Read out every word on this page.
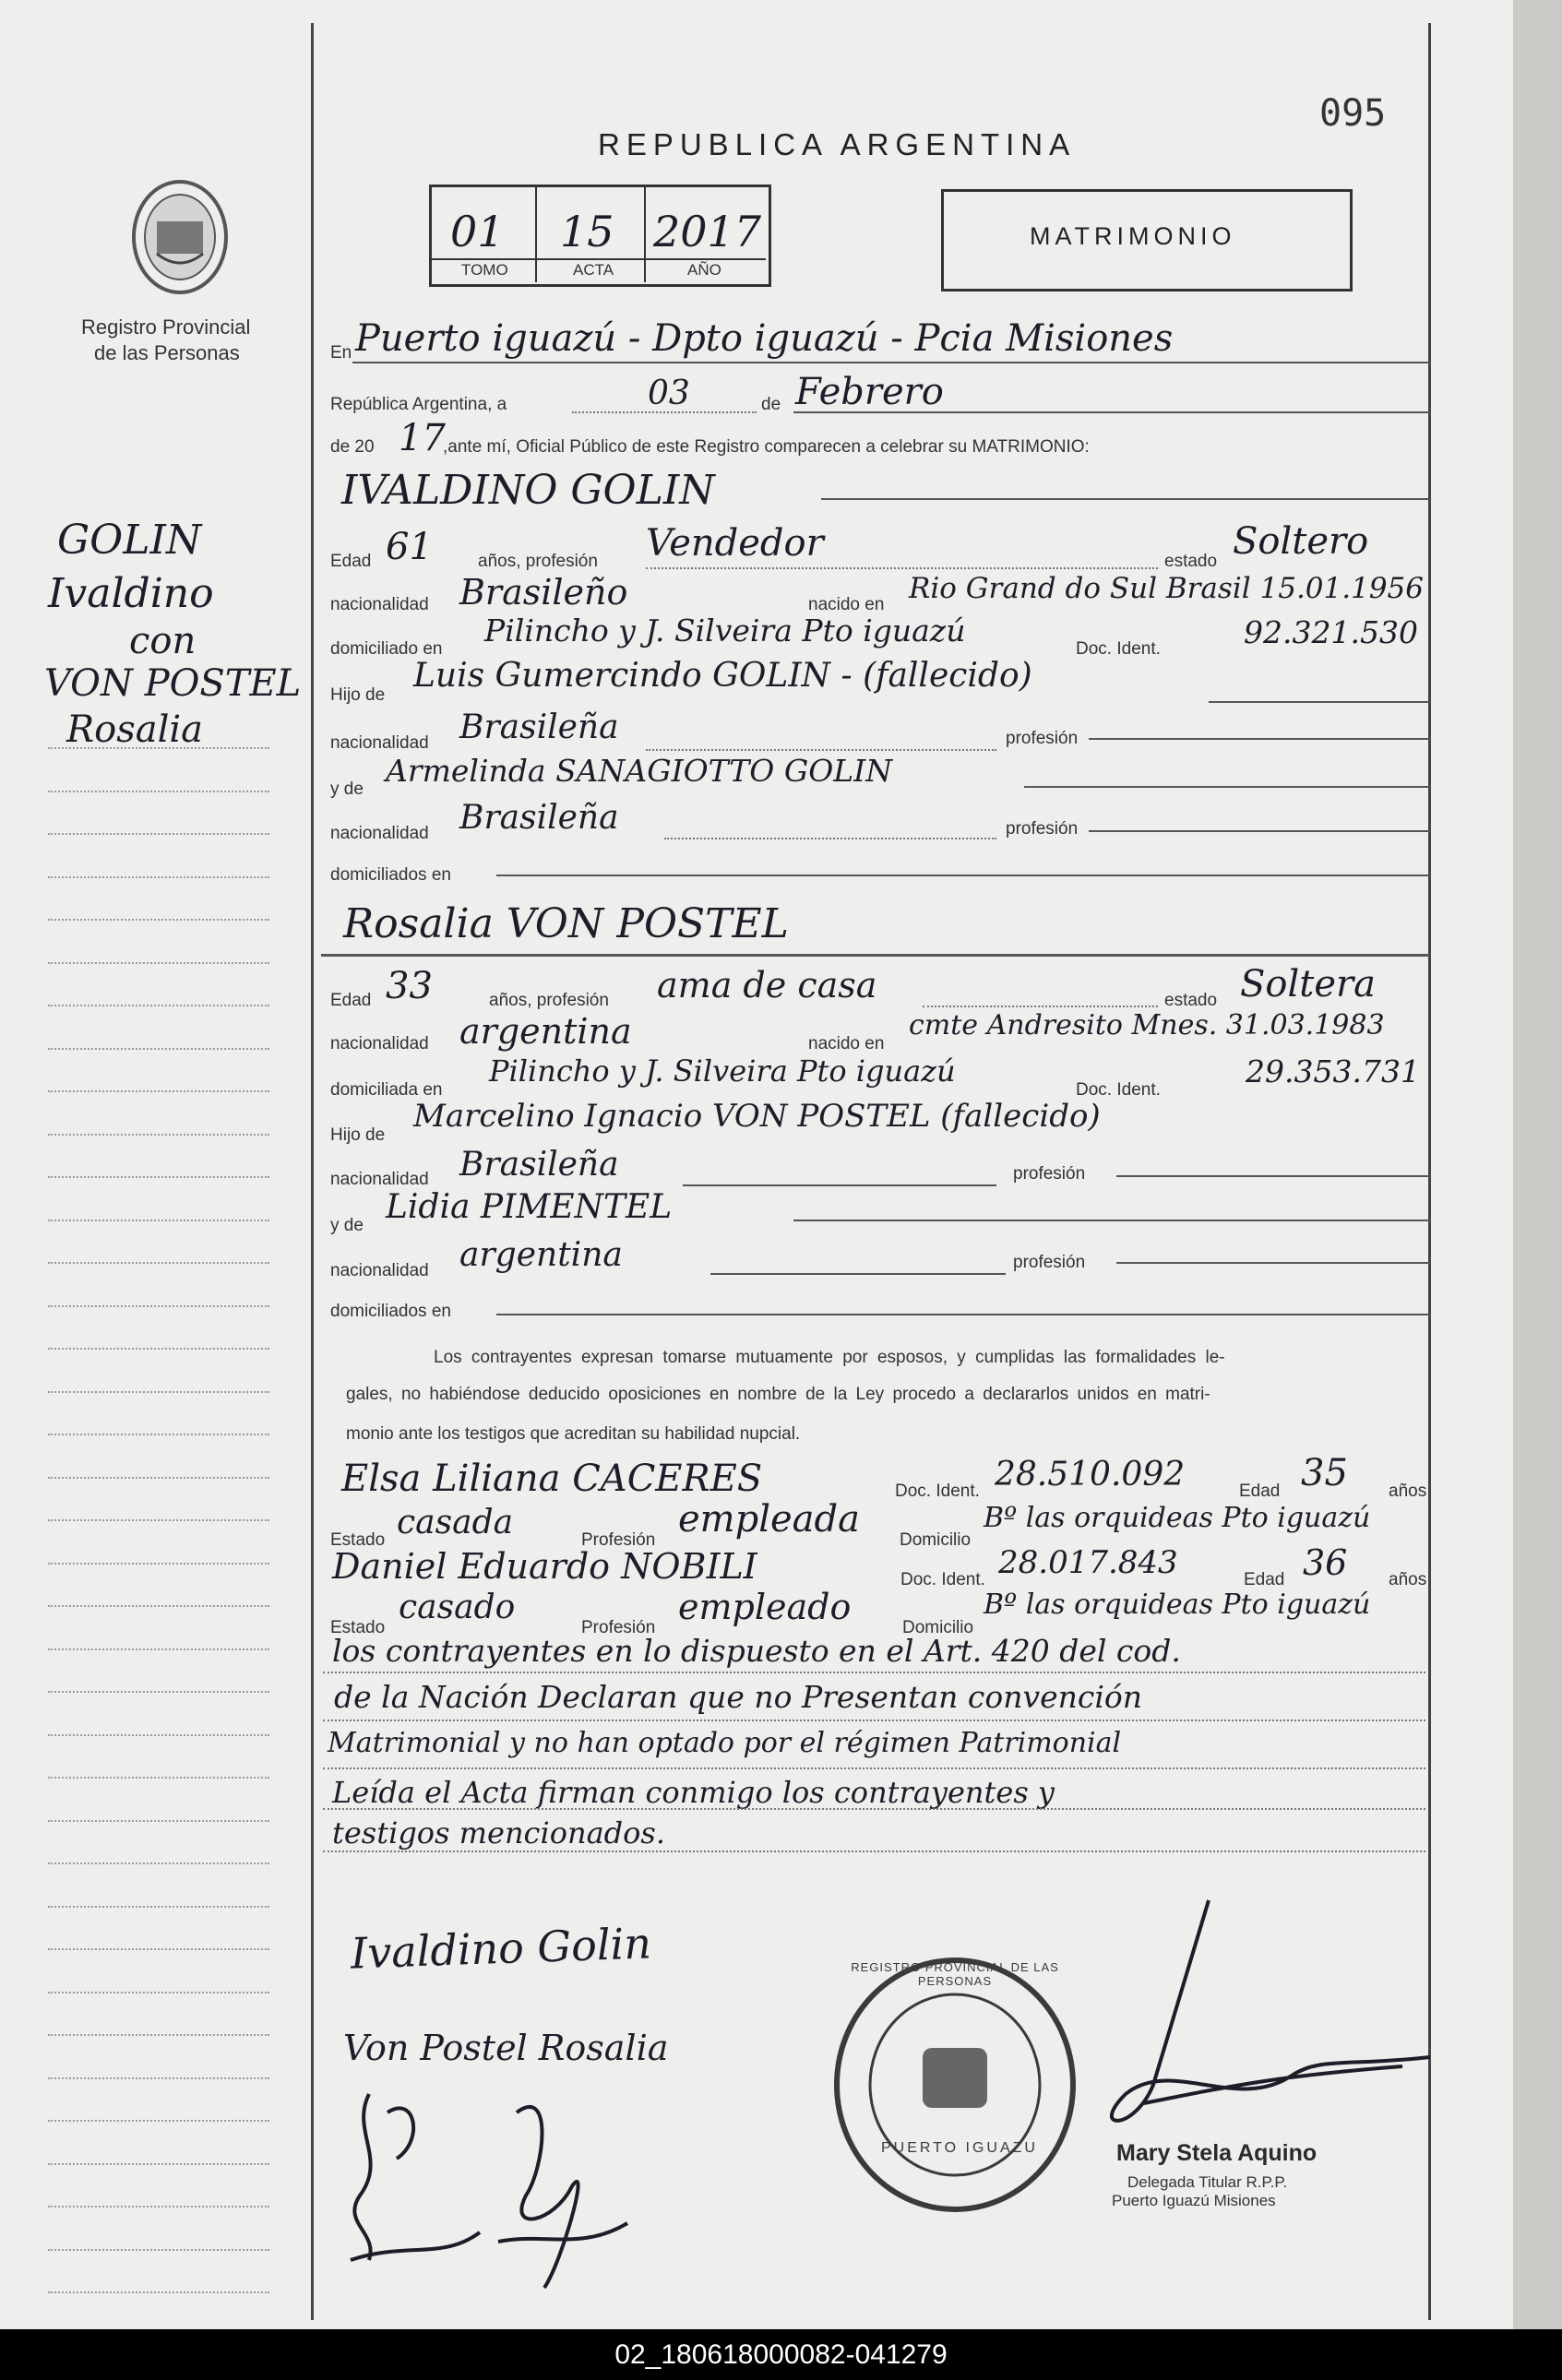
095
REPUBLICA ARGENTINA
Registro Provincial
de las Personas
01 15 2017
TOMO	ACTA	AÑO
MATRIMONIO
GOLIN
Ivaldino
con
VON POSTEL
Rosalia
En Puerto iguazú - Dpto iguazú - Pcia Misiones
República Argentina, a	03	de Febrero
de 20 17
,ante mí, Oficial Público de este Registro comparecen a celebrar su MATRIMONIO:
IVALDINO GOLIN
Edad 61	años, profesión Vendedor	estado Soltero
nacionalidad Brasileño	nacido en Rio Grand do Sul Brasil 15.01.1956
domiciliado en
Pilincho y J. Silveira Pto iguazú
Doc. Ident.	92.321.530
Hijo de
Luis Gumercindo GOLIN - (fallecido)
nacionalidad Brasileña	profesión
y de
Armelinda SANAGIOTTO GOLIN
nacionalidad Brasileña	profesión
domiciliados en
Rosalia VON POSTEL
Edad 33	años, profesión ama de casa	estado Soltera
nacionalidad argentina	nacido en
cmte Andresito Mnes. 31.03.1983
domiciliada en
Pilincho y J. Silveira Pto iguazú
Doc. Ident.
29.353.731
Hijo de
Marcelino Ignacio VON POSTEL (fallecido)
nacionalidad Brasileña	profesión
y de Lidia PIMENTEL
nacionalidad argentina	profesión
domiciliados en
Los contrayentes expresan tomarse mutuamente por esposos, y cumplidas las formalidades le-
gales, no habiéndose deducido oposiciones en nombre de la Ley procedo a declararlos unidos en matri-
monio ante los testigos que acreditan su habilidad nupcial.
Elsa Liliana CACERES	Doc. Ident. 28.510.092	Edad 35 años
Estado casada	Profesión empleada Domicilio
Bº las orquideas Pto iguazú
Daniel Eduardo NOBILI	Doc. Ident. 28.017.843	Edad 36 años
Estado
casado
Profesión
empleado
Domicilio
Bº las orquideas Pto iguazú
los contrayentes en lo dispuesto en el Art. 420 del cod.
de la Nación Declaran que no Presentan convención
Matrimonial y no han optado por el régimen Patrimonial
Leída el Acta firman conmigo los contrayentes y
testigos mencionados.
Ivaldino Golin
Von Postel Rosalia
REGISTRO PROVINCIAL DE LAS PERSONAS
PUERTO IGUAZU	Mary Stela Aquino
Delegada Titular R.P.P.
Puerto Iguazú Misiones
02_180618000082-041279
